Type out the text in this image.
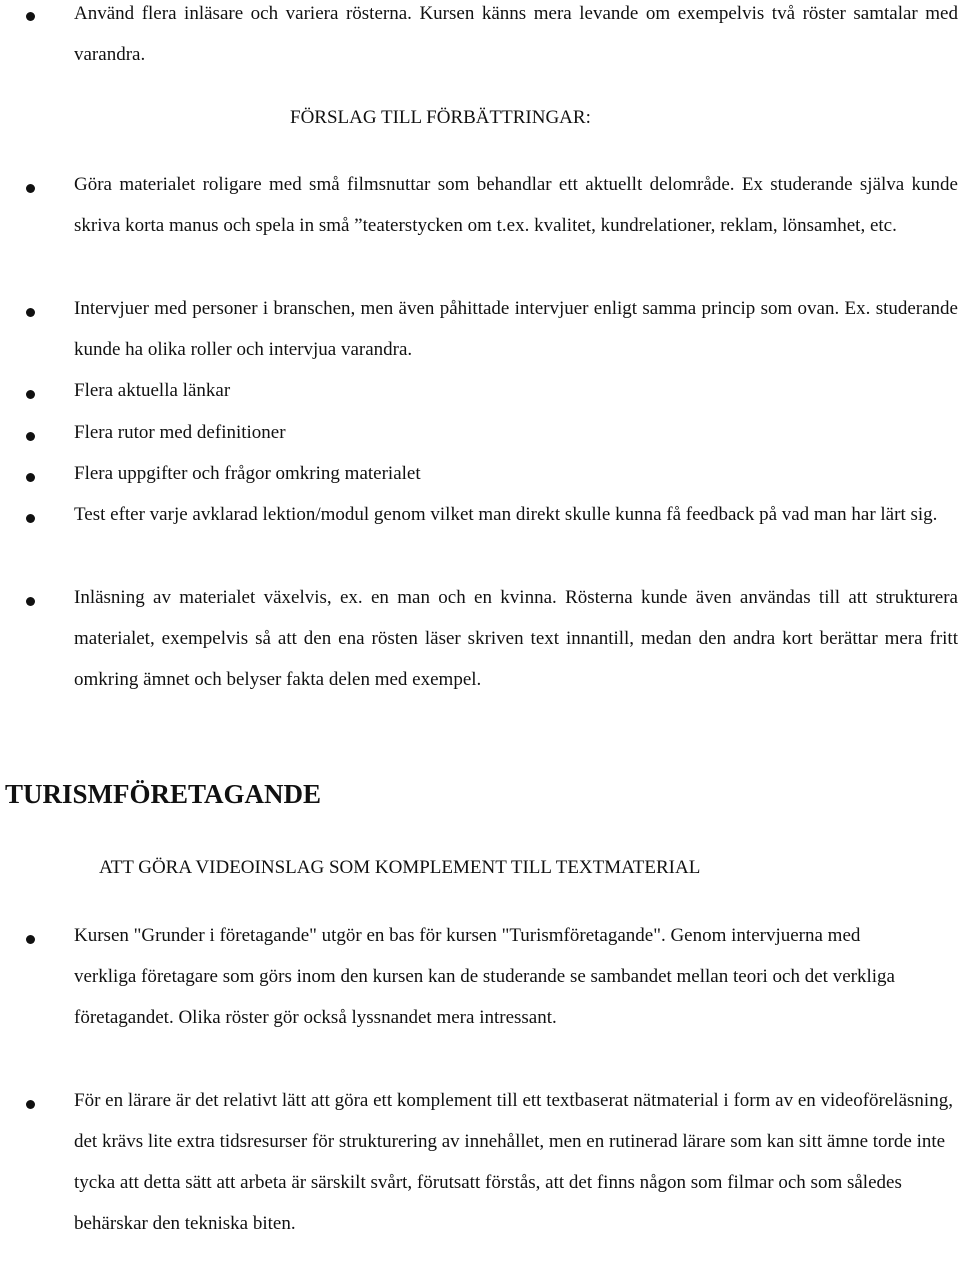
Använd flera inläsare och variera rösterna. Kursen känns mera levande om exempelvis två röster samtalar med varandra.

FÖRSLAG TILL FÖRBÄTTRINGAR:

Göra materialet roligare med små filmsnuttar som behandlar ett aktuellt delområde. Ex studerande själva kunde skriva korta manus och spela in små ”teaterstycken om t.ex. kvalitet, kundrelationer, reklam, lönsamhet, etc.

Intervjuer med personer i branschen, men även påhittade intervjuer enligt samma princip som ovan. Ex. studerande kunde ha olika roller och intervjua varandra.

Flera aktuella länkar

Flera rutor med definitioner

Flera uppgifter och frågor omkring materialet

Test efter varje avklarad lektion/modul genom vilket man direkt skulle kunna få feedback på vad man har lärt sig.

Inläsning av materialet växelvis, ex. en man och en kvinna. Rösterna kunde även användas till att strukturera materialet, exempelvis så att den ena rösten läser skriven text innantill, medan den andra kort berättar mera fritt omkring ämnet och belyser fakta delen med exempel.

TURISMFÖRETAGANDE
ATT GÖRA VIDEOINSLAG SOM KOMPLEMENT TILL TEXTMATERIAL

Kursen "Grunder i företagande" utgör en bas för kursen "Turismföretagande". Genom intervjuerna med verkliga företagare som görs inom den kursen kan de studerande se sambandet mellan teori och det verkliga företagandet. Olika röster gör också lyssnandet mera intressant.

För en lärare är det relativt lätt att göra ett komplement till ett textbaserat nätmaterial i form av en videoföreläsning, det krävs lite extra tidsresurser för strukturering av innehållet, men en rutinerad lärare som kan sitt ämne torde inte tycka att detta sätt att arbeta är särskilt svårt, förutsatt förstås, att det finns någon som filmar och som således behärskar den tekniska biten.
